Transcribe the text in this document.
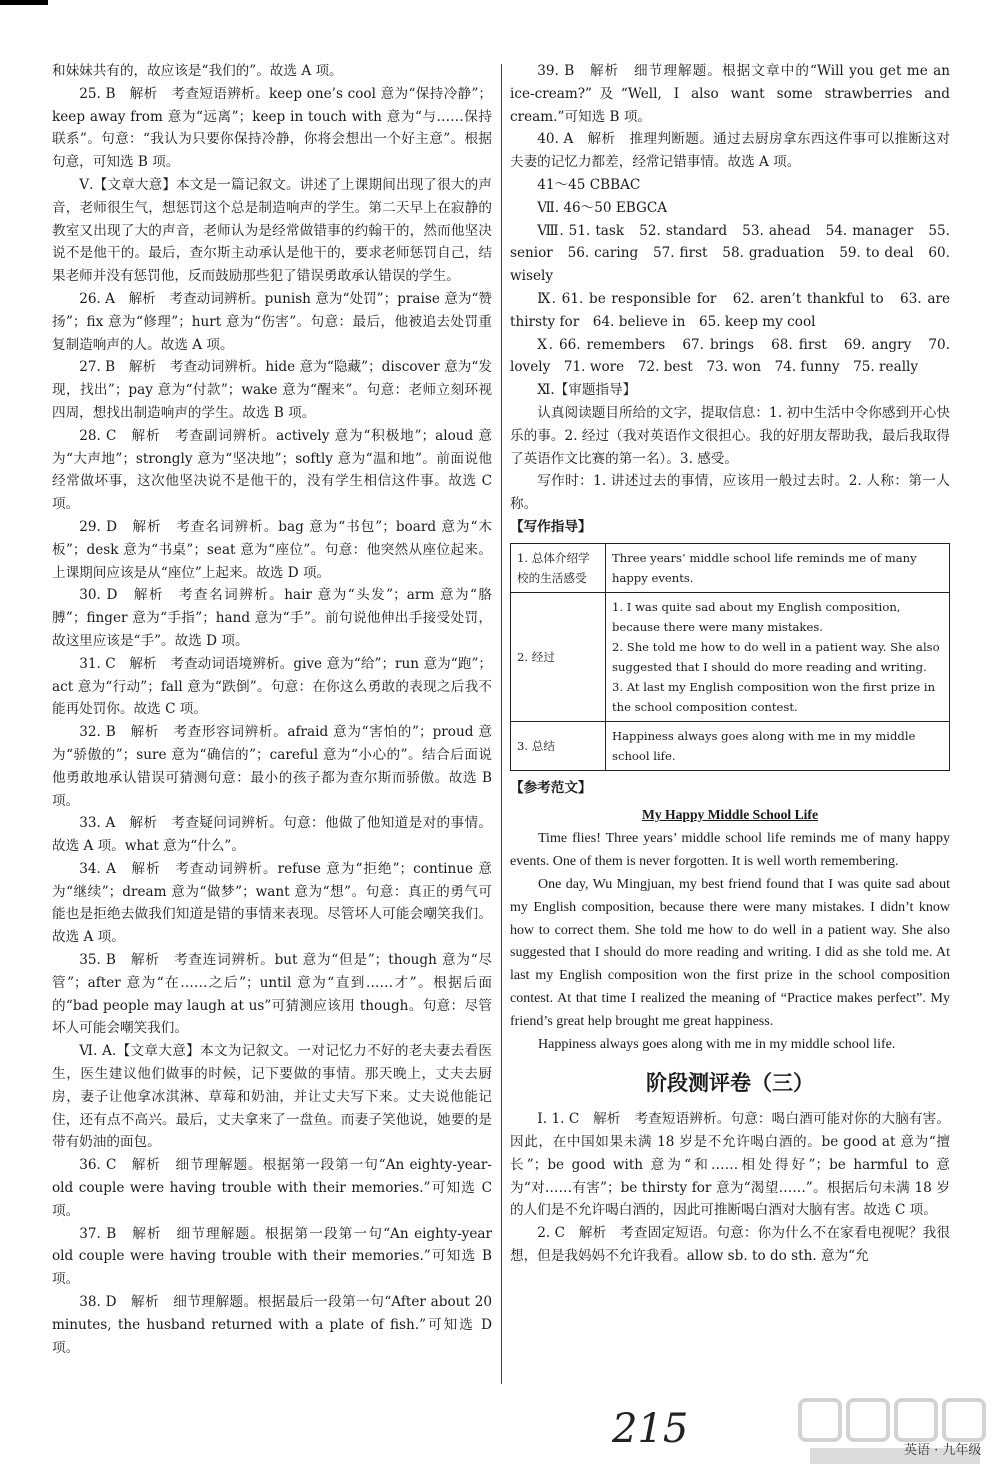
和妹妹共有的，故应该是“我们的”。故选 A 项。

25. B　解析　考查短语辨析。keep one’s cool 意为“保持冷静”；keep away from 意为“远离”；keep in touch with 意为“与……保持联系”。句意：“我认为只要你保持冷静，你将会想出一个好主意”。根据句意，可知选 B 项。

Ⅴ.【文章大意】本文是一篇记叙文。讲述了上课期间出现了很大的声音，老师很生气，想惩罚这个总是制造响声的学生。第二天早上在寂静的教室又出现了大的声音，老师认为是经常做错事的约翰干的，然而他坚决说不是他干的。最后，查尔斯主动承认是他干的，要求老师惩罚自己，结果老师并没有惩罚他，反而鼓励那些犯了错误勇敢承认错误的学生。

26. A　解析　考查动词辨析。punish 意为“处罚”；praise 意为“赞扬”；fix 意为“修理”；hurt 意为“伤害”。句意：最后，他被追去处罚重复制造响声的人。故选 A 项。

27. B　解析　考查动词辨析。hide 意为“隐藏”；discover 意为“发现，找出”；pay 意为“付款”；wake 意为“醒来”。句意：老师立刻环视四周，想找出制造响声的学生。故选 B 项。

28. C　解析　考查副词辨析。actively 意为“积极地”；aloud 意为“大声地”；strongly 意为“坚决地”；softly 意为“温和地”。前面说他经常做坏事，这次他坚决说不是他干的，没有学生相信这件事。故选 C 项。

29. D　解析　考查名词辨析。bag 意为“书包”；board 意为“木板”；desk 意为“书桌”；seat 意为“座位”。句意：他突然从座位起来。上课期间应该是从“座位”上起来。故选 D 项。

30. D　解析　考查名词辨析。hair 意为“头发”；arm 意为“胳膊”；finger 意为“手指”；hand 意为“手”。前句说他伸出手接受处罚，故这里应该是“手”。故选 D 项。

31. C　解析　考查动词语境辨析。give 意为“给”；run 意为“跑”；act 意为“行动”；fall 意为“跌倒”。句意：在你这么勇敢的表现之后我不能再处罚你。故选 C 项。

32. B　解析　考查形容词辨析。afraid 意为“害怕的”；proud 意为“骄傲的”；sure 意为“确信的”；careful 意为“小心的”。结合后面说他勇敢地承认错误可猜测句意：最小的孩子都为查尔斯而骄傲。故选 B 项。

33. A　解析　考查疑问词辨析。句意：他做了他知道是对的事情。故选 A 项。what 意为“什么”。

34. A　解析　考查动词辨析。refuse 意为“拒绝”；continue 意为“继续”；dream 意为“做梦”；want 意为“想”。句意：真正的勇气可能也是拒绝去做我们知道是错的事情来表现。尽管坏人可能会嘲笑我们。故选 A 项。

35. B　解析　考查连词辨析。but 意为“但是”；though 意为“尽管”；after 意为“在……之后”；until 意为“直到……才”。根据后面的“bad people may laugh at us”可猜测应该用 though。句意：尽管坏人可能会嘲笑我们。

Ⅵ. A.【文章大意】本文为记叙文。一对记忆力不好的老夫妻去看医生，医生建议他们做事的时候，记下要做的事情。那天晚上，丈夫去厨房，妻子让他拿冰淇淋、草莓和奶油，并让丈夫写下来。丈夫说他能记住，还有点不高兴。最后，丈夫拿来了一盘鱼。而妻子笑他说，她要的是带有奶油的面包。

36. C　解析　细节理解题。根据第一段第一句“An eighty-year-old couple were having trouble with their memories.”可知选 C 项。

37. B　解析　细节理解题。根据第一段第一句“An eighty-year old couple were having trouble with their memories.”可知选 B 项。

38. D　解析　细节理解题。根据最后一段第一句“After about 20 minutes, the husband returned with a plate of fish.”可知选 D 项。

39. B　解析　细节理解题。根据文章中的“Will you get me an ice-cream?”及“Well, I also want some strawberries and cream.”可知选 B 项。

40. A　解析　推理判断题。通过去厨房拿东西这件事可以推断这对夫妻的记忆力都差，经常记错事情。故选 A 项。

41～45 CBBAC

Ⅶ. 46～50 EBGCA

Ⅷ. 51. task　52. standard　53. ahead　54. manager　55. senior　56. caring　57. first　58. graduation　59. to deal　60. wisely

Ⅸ. 61. be responsible for　62. aren’t thankful to　63. are thirsty for　64. believe in　65. keep my cool

Ⅹ. 66. remembers　67. brings　68. first　69. angry　70. lovely　71. wore　72. best　73. won　74. funny　75. really

Ⅺ.【审题指导】

认真阅读题目所给的文字，提取信息：1. 初中生活中令你感到开心快乐的事。2. 经过（我对英语作文很担心。我的好朋友帮助我，最后我取得了英语作文比赛的第一名）。3. 感受。

写作时：1. 讲述过去的事情，应该用一般过去时。2. 人称：第一人称。

【写作指导】

1. 总体介绍学校的生活感受	Three years’ middle school life reminds me of many happy events.

2. 经过	1. I was quite sad about my English composition, because there were many mistakes.
2. She told me how to do well in a patient way. She also suggested that I should do more reading and writing.
3. At last my English composition won the first prize in the school composition contest.

3. 总结	Happiness always goes along with me in my middle school life.

【参考范文】

My Happy Middle School Life

Time flies! Three years’ middle school life reminds me of many happy events. One of them is never forgotten. It is well worth remembering.

One day, Wu Mingjuan, my best friend found that I was quite sad about my English composition, because there were many mistakes. I didn’t know how to correct them. She told me how to do well in a patient way. She also suggested that I should do more reading and writing. I did as she told me. At last my English composition won the first prize in the school composition contest. At that time I realized the meaning of “Practice makes perfect”. My friend’s great help brought me great happiness.

Happiness always goes along with me in my middle school life.

阶段测评卷（三）

Ⅰ. 1. C　解析　考查短语辨析。句意：喝白酒可能对你的大脑有害。因此，在中国如果未满 18 岁是不允许喝白酒的。be good at 意为“擅长”；be good with 意为“和……相处得好”；be harmful to 意为“对……有害”；be thirsty for 意为“渴望……”。根据后句未满 18 岁的人们是不允许喝白酒的，因此可推断喝白酒对大脑有害。故选 C 项。

2. C　解析　考查固定短语。句意：你为什么不在家看电视呢？我很想，但是我妈妈不允许我看。allow sb. to do sth. 意为“允

215	英语 · 九年级
